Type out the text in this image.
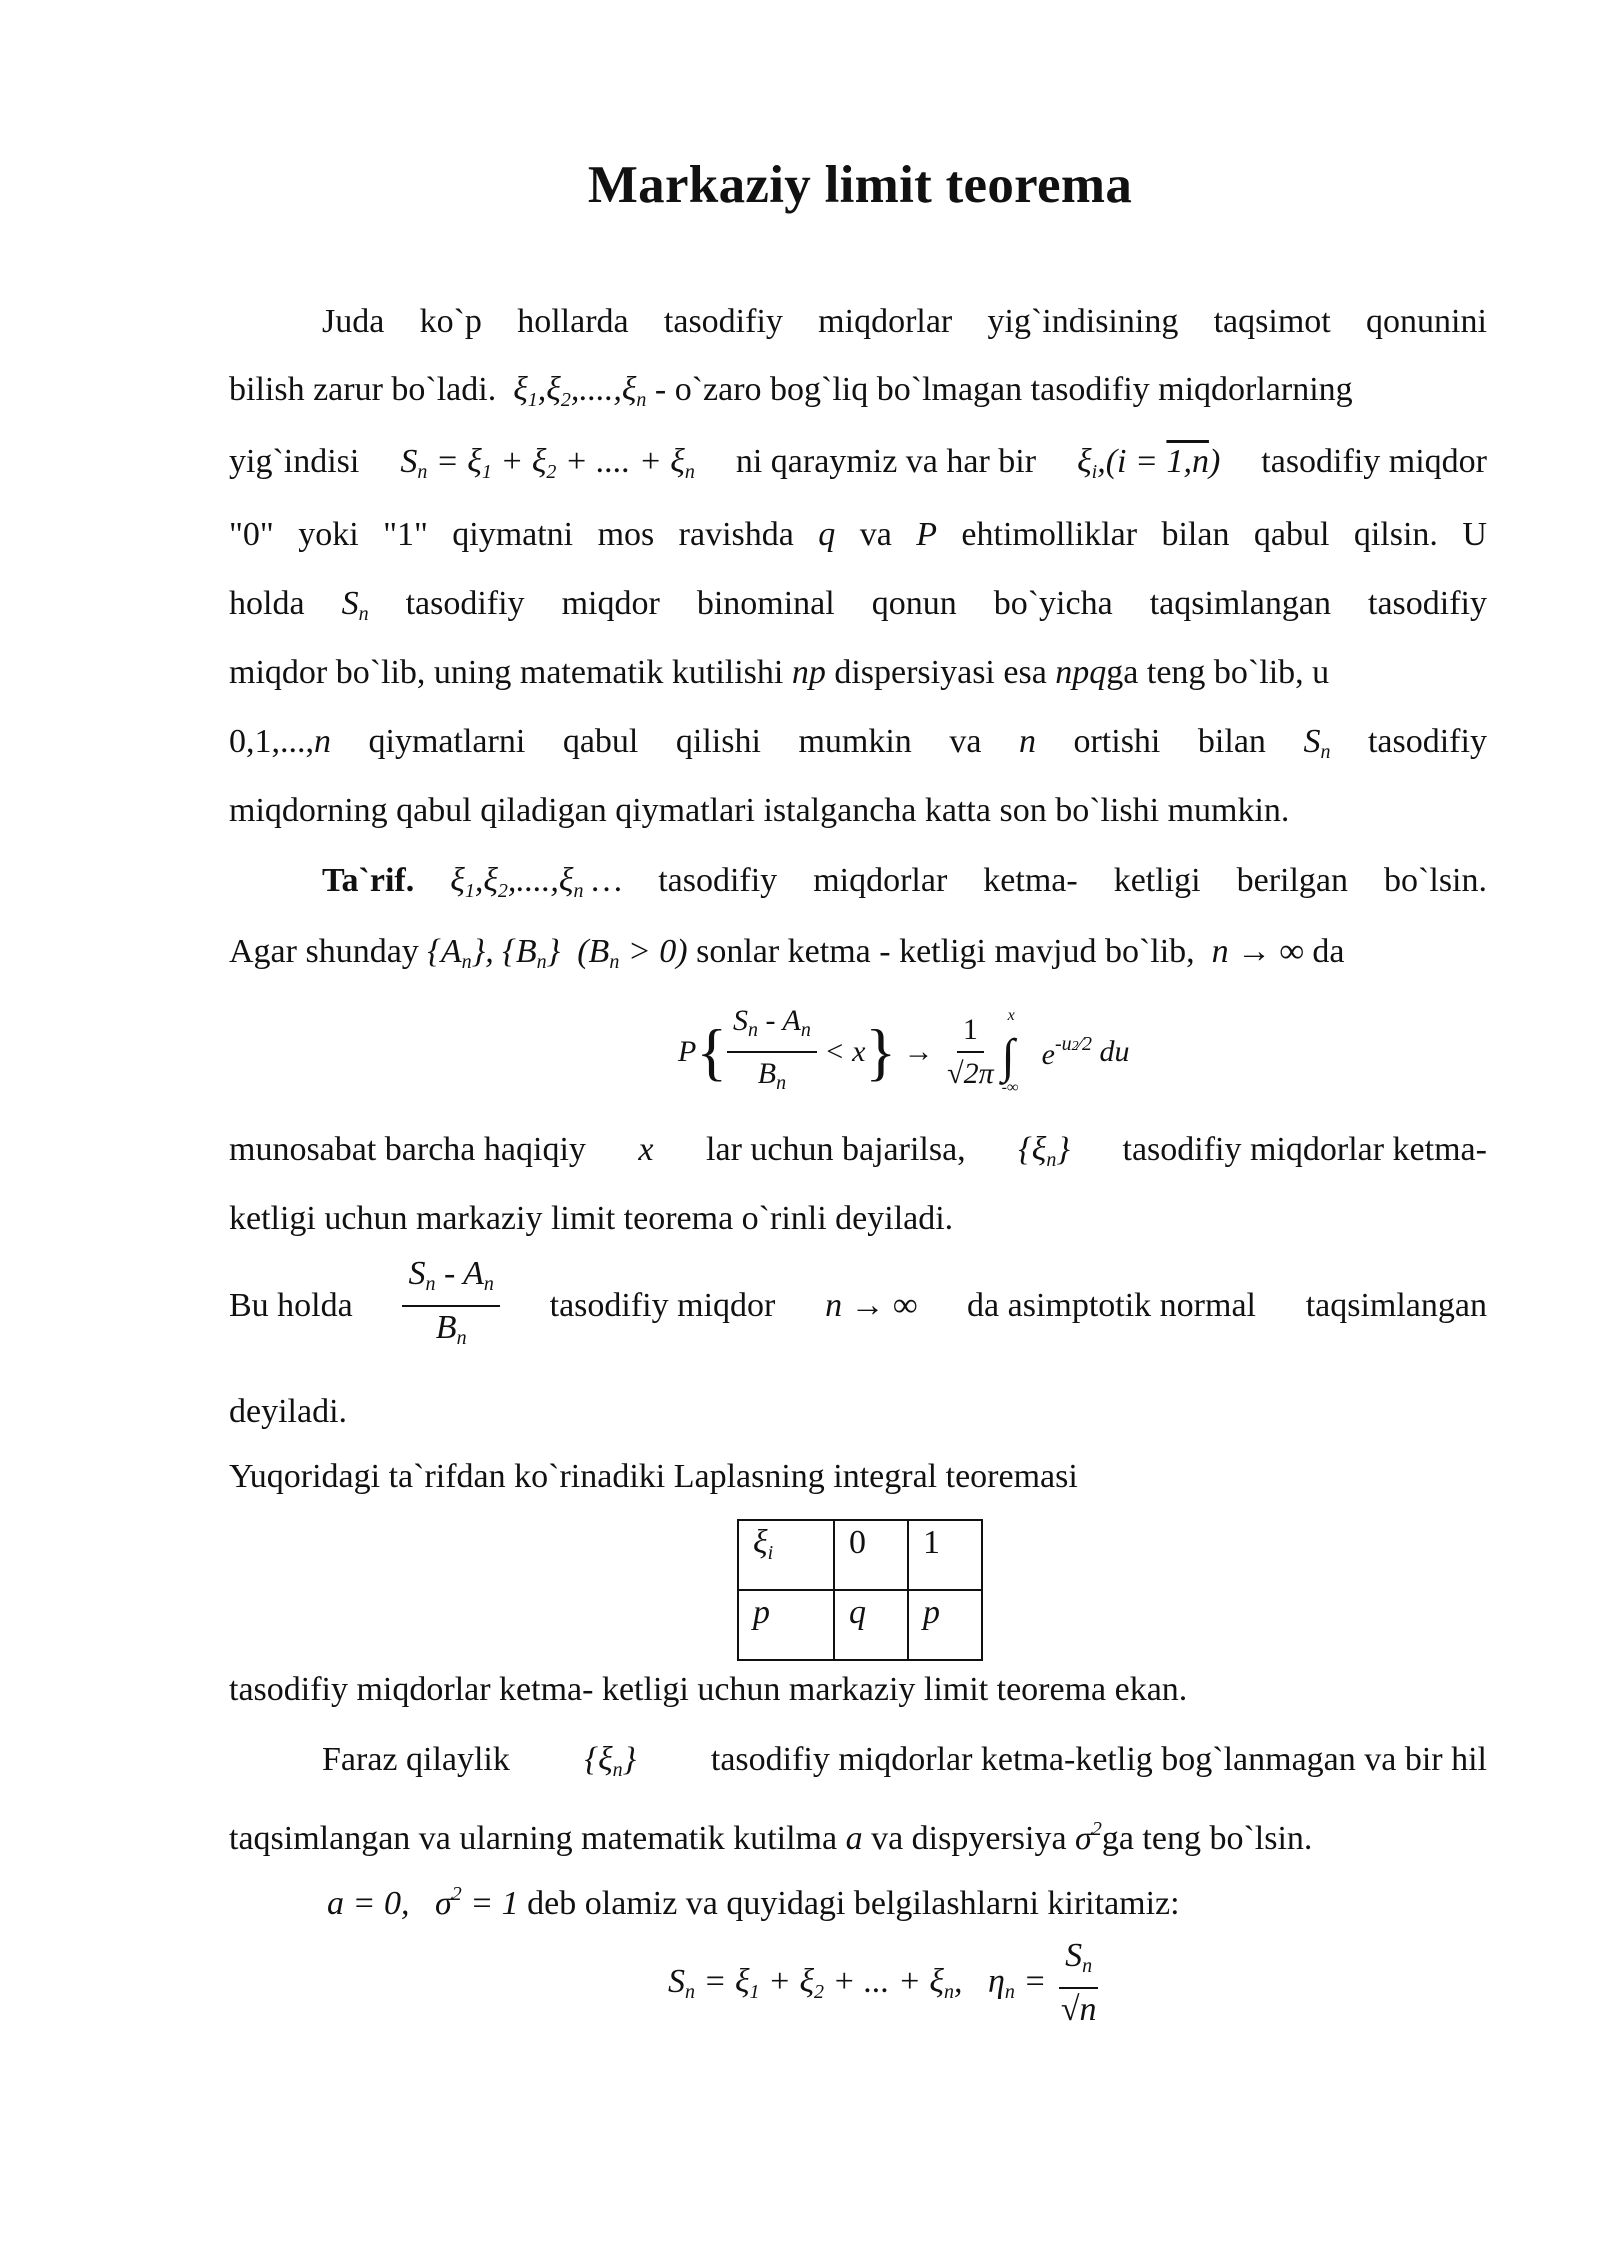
Markaziy limit teorema
Juda ko`p hollarda tasodifiy miqdorlar yig`indisining taqsimot qonunini
bilish zarur bo`ladi.  $\xi_1,\xi_2,....,\xi_n$ - o`zaro bog`liq bo`lmagan tasodifiy miqdorlarning
yig`indisi $S_n = \xi_1 + \xi_2$ + .... + $\xi_n$ ni qaraymiz va har bir $\xi_i,(i = 1,n)$ tasodifiy miqdor
"0" yoki "1" qiymatni mos ravishda q va P ehtimolliklar bilan qabul qilsin. U
holda $S_n$ tasodifiy miqdor binominal qonun bo`yicha taqsimlangan tasodifiy
miqdor bo`lib, uning matematik kutilishi np dispersiyasi esa npqga teng bo`lib, u
0,1,...,n qiymatlarni qabul qilishi mumkin va n ortishi bilan $S_n$ tasodifiy
miqdorning qabul qiladigan qiymatlari istalgancha katta son bo`lishi mumkin.
Ta`rif. $\xi_1,\xi_2,....,\xi_n$ … tasodifiy miqdorlar ketma- ketligi berilgan bo`lsin.
Agar shunday $\{A_n\}$, $\{B_n\} (B_n > 0)$ sonlar ketma - ketligi mavjud bo`lib,  n → ∞ da
$P\{ \frac{S_n - A_n}{B_n} < x\} \to \frac{1}{√2\pi}$ x
∫
-∞
$e^{-u2⁄2}$ du
munosabat barcha haqiqiy x lar uchun bajarilsa, $\{\xi_n\}$ tasodifiy miqdorlar ketma-
ketligi uchun markaziy limit teorema o`rinli deyiladi.
Bu holda $\frac{S_n - A_n}{B_n}$ tasodifiy miqdor n → ∞ da asimptotik normal taqsimlangan
deyiladi.
Yuqoridagi ta`rifdan ko`rinadiki Laplasning integral teoremasi
$\xi_i$	0	1
p	q	p
tasodifiy miqdorlar ketma- ketligi uchun markaziy limit teorema ekan.
Faraz qilaylik $\{\xi_n\}$ tasodifiy miqdorlar ketma-ketlig bog`lanmagan va bir hil
taqsimlangan va ularning matematik kutilma a va dispyersiya $\sigma^2ga$ teng bo`lsin.
a = 0,   $\sigma^2 = 1$ deb olamiz va quyidagi belgilashlarni kiritamiz:
$S_n = \xi_1 + \xi_2$ + ... + $\xi_n$,   $\eta_n = \frac{S_n}{√n}$
